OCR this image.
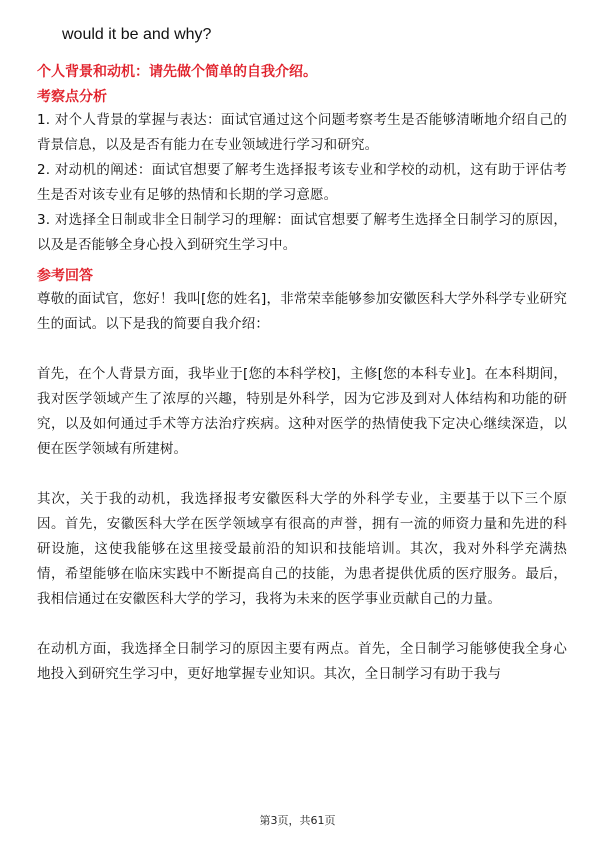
would it be and why?

个人背景和动机：请先做个简单的自我介绍。

考察点分析

1. 对个人背景的掌握与表达：面试官通过这个问题考察考生是否能够清晰地介绍自己的背景信息，以及是否有能力在专业领域进行学习和研究。

2. 对动机的阐述：面试官想要了解考生选择报考该专业和学校的动机，这有助于评估考生是否对该专业有足够的热情和长期的学习意愿。

3. 对选择全日制或非全日制学习的理解：面试官想要了解考生选择全日制学习的原因，以及是否能够全身心投入到研究生学习中。

参考回答

尊敬的面试官，您好！我叫[您的姓名]，非常荣幸能够参加安徽医科大学外科学专业研究生的面试。以下是我的简要自我介绍：

首先，在个人背景方面，我毕业于[您的本科学校]，主修[您的本科专业]。在本科期间，我对医学领域产生了浓厚的兴趣，特别是外科学，因为它涉及到对人体结构和功能的研究，以及如何通过手术等方法治疗疾病。这种对医学的热情使我下定决心继续深造，以便在医学领域有所建树。

其次，关于我的动机，我选择报考安徽医科大学的外科学专业，主要基于以下三个原因。首先，安徽医科大学在医学领域享有很高的声誉，拥有一流的师资力量和先进的科研设施，这使我能够在这里接受最前沿的知识和技能培训。其次，我对外科学充满热情，希望能够在临床实践中不断提高自己的技能，为患者提供优质的医疗服务。最后，我相信通过在安徽医科大学的学习，我将为未来的医学事业贡献自己的力量。

在动机方面，我选择全日制学习的原因主要有两点。首先，全日制学习能够使我全身心地投入到研究生学习中，更好地掌握专业知识。其次，全日制学习有助于我与

第3页，共61页
